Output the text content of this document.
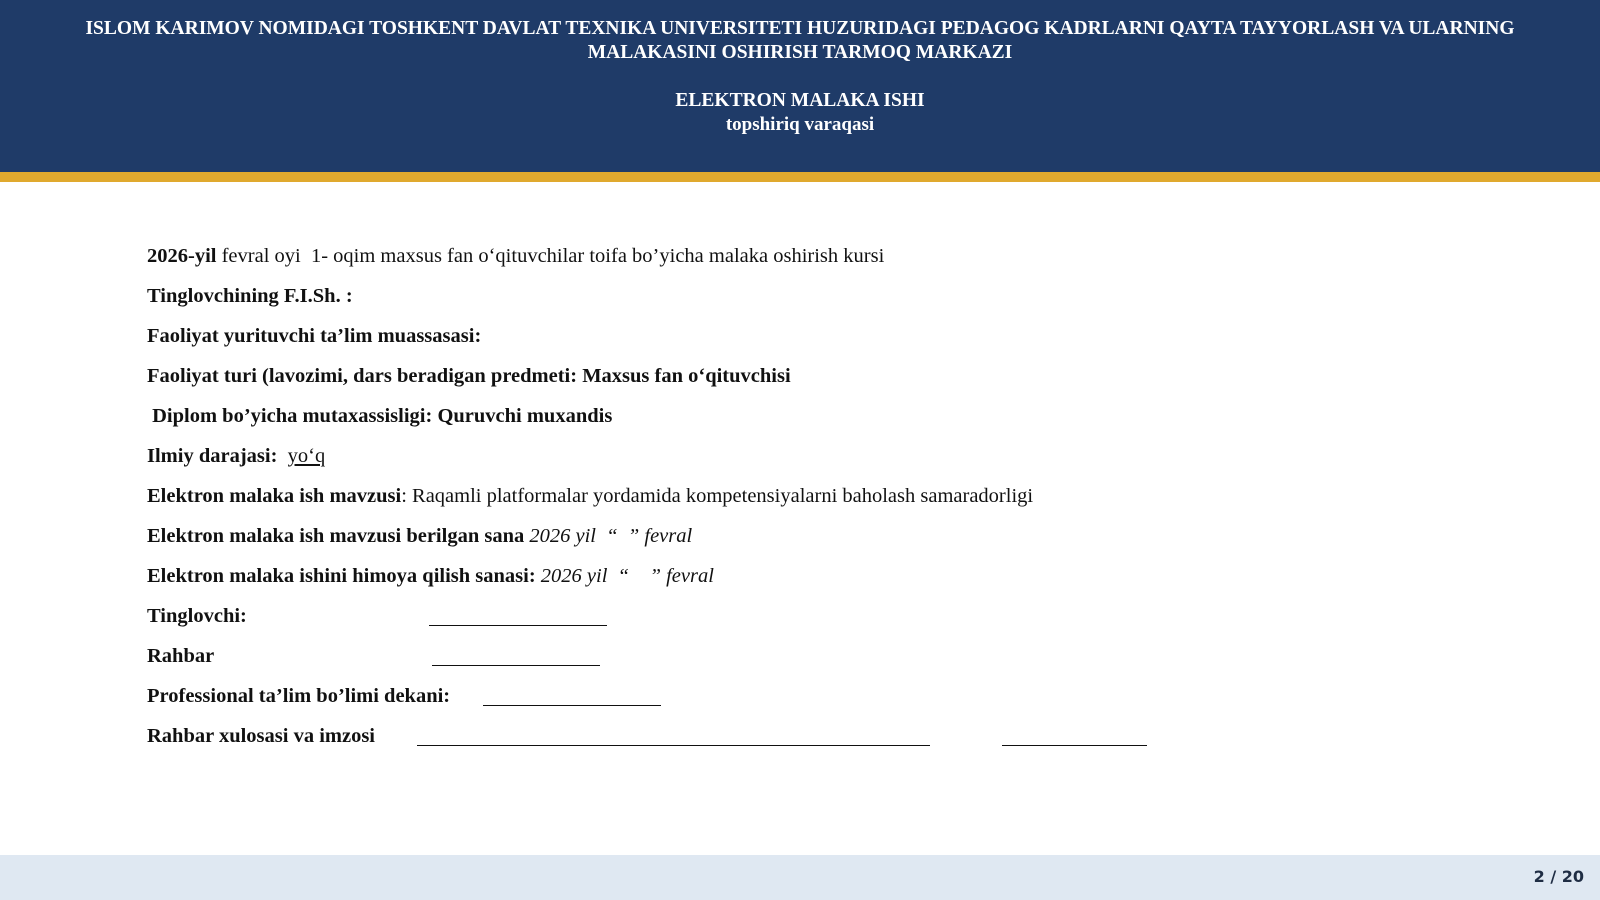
ISLOM KARIMOV NOMIDAGI TOSHKENT DAVLAT TEXNIKA UNIVERSITETI HUZURIDAGI PEDAGOG KADRLARNI QAYTA TAYYORLASH VA ULARNING MALAKASINI OSHIRISH TARMOQ MARKAZI
ELEKTRON MALAKA ISHI
topshiriq varaqasi
2026-yil fevral oyi  1- oqim maxsus fan o‘qituvchilar toifa bo’yicha malaka oshirish kursi
Tinglovchining F.I.Sh. :
Faoliyat yurituvchi ta’lim muassasasi:
Faoliyat turi (lavozimi, dars beradigan predmeti: Maxsus fan o‘qituvchisi
Diplom bo’yicha mutaxassisligi: Quruvchi muxandis
Ilmiy darajasi: yo‘q
Elektron malaka ish mavzusi: Raqamli platformalar yordamida kompetensiyalarni baholash samaradorligi
Elektron malaka ish mavzusi berilgan sana 2026 yil  “  ” fevral
Elektron malaka ishini himoya qilish sanasi: 2026 yil  “    ” fevral
Tinglovchi:
Rahbar
Professional ta’lim bo’limi dekani:
Rahbar xulosasi va imzosi
2 / 20
